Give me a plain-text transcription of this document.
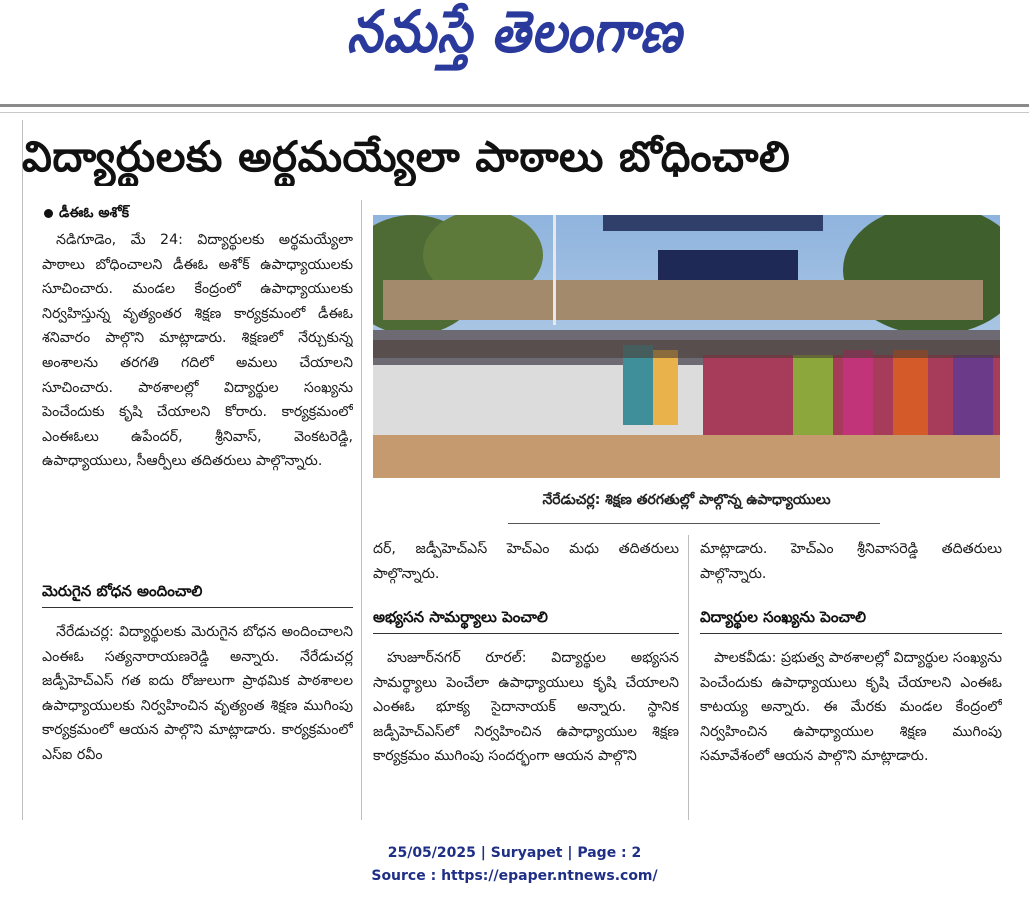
నమస్తే తెలంగాణ
విద్యార్థులకు అర్థమయ్యేలా పాఠాలు బోధించాలి
డీఈఓ అశోక్
నడిగూడెం, మే 24: విద్యార్థులకు అర్థమయ్యేలా పాఠాలు బోధించాలని డీఈఓ అశోక్ ఉపాధ్యాయులకు సూచించారు. మండల కేంద్రంలో ఉపాధ్యాయులకు నిర్వహిస్తున్న వృత్యంతర శిక్షణ కార్యక్రమంలో డీఈఓ శనివారం పాల్గొని మాట్లాడారు. శిక్షణలో నేర్చుకున్న అంశాలను తరగతి గదిలో అమలు చేయాలని సూచించారు. పాఠశాలల్లో విద్యార్థుల సంఖ్యను పెంచేందుకు కృషి చేయాలని కోరారు. కార్యక్రమంలో ఎంఈఓలు ఉపేందర్, శ్రీనివాస్, వెంకటరెడ్డి, ఉపాధ్యాయులు, సీఆర్పీలు తదితరులు పాల్గొన్నారు.
నేరేడుచర్ల: శిక్షణ తరగతుల్లో పాల్గొన్న ఉపాధ్యాయులు
మెరుగైన బోధన అందించాలి
నేరేడుచర్ల: విద్యార్థులకు మెరుగైన బోధన అందించాలని ఎంఈఓ సత్యనారాయణరెడ్డి అన్నారు. నేరేడుచర్ల జడ్పీహెచ్ఎస్ గత ఐదు రోజులుగా ప్రాథమిక పాఠశాలల ఉపాధ్యాయులకు నిర్వహించిన వృత్యంత శిక్షణ ముగింపు కార్యక్రమంలో ఆయన పాల్గొని మాట్లాడారు. కార్యక్రమంలో ఎస్ఐ రవీం
దర్, జడ్పీహెచ్ఎస్ హెచ్ఎం మధు తదితరులు పాల్గొన్నారు.
అభ్యసన సామర్థ్యాలు పెంచాలి
హుజూర్‌నగర్ రూరల్: విద్యార్థుల అభ్యసన సామర్థ్యాలు పెంచేలా ఉపాధ్యాయులు కృషి చేయాలని ఎంఈఓ భూక్య సైదానాయక్ అన్నారు. స్థానిక జడ్పీహెచ్ఎస్‌లో నిర్వహించిన ఉపాధ్యాయుల శిక్షణ కార్యక్రమం ముగింపు సందర్భంగా ఆయన పాల్గొని
మాట్లాడారు. హెచ్ఎం శ్రీనివాసరెడ్డి తదితరులు పాల్గొన్నారు.
విద్యార్థుల సంఖ్యను పెంచాలి
పాలకవీడు: ప్రభుత్వ పాఠశాలల్లో విద్యార్థుల సంఖ్యను పెంచేందుకు ఉపాధ్యాయులు కృషి చేయాలని ఎంఈఓ కాటయ్య అన్నారు. ఈ మేరకు మండల కేంద్రంలో నిర్వహించిన ఉపాధ్యాయుల శిక్షణ ముగింపు సమావేశంలో ఆయన పాల్గొని మాట్లాడారు.
25/05/2025 | Suryapet | Page : 2
Source : https://epaper.ntnews.com/
